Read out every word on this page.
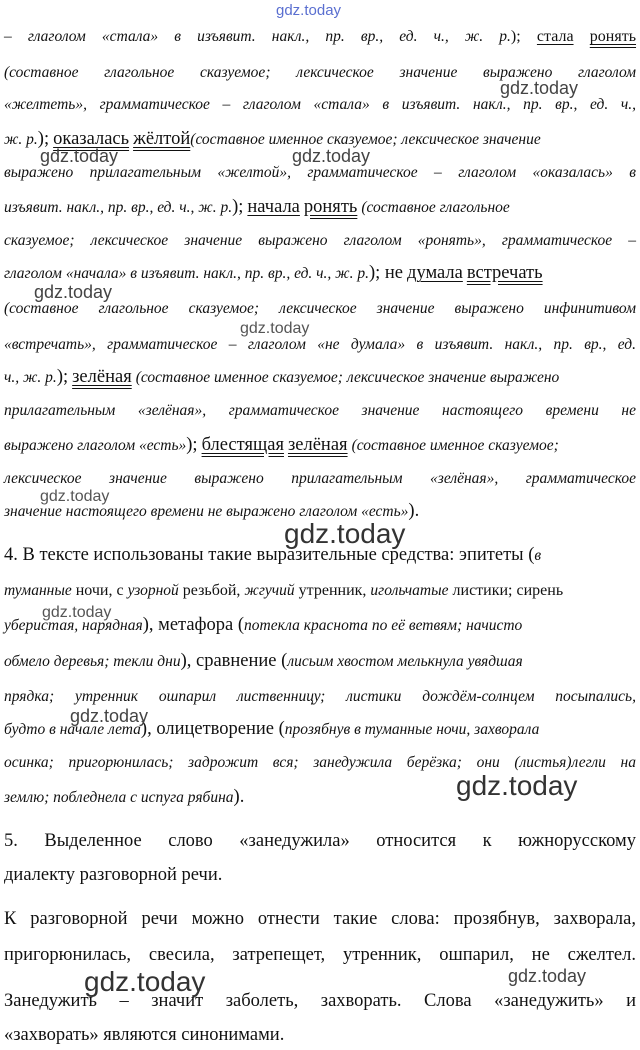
gdz.today
– глаголом «стала» в изъявит. накл., пр. вр., ед. ч., ж. р.); стала ронять
(составное глагольное сказуемое; лексическое значение выражено глаголом
«желтеть», грамматическое – глаголом «стала» в изъявит. накл., пр. вр., ед. ч.,
ж. р.); оказалась жёлтой(составное именное сказуемое; лексическое значение
выражено прилагательным «желтой», грамматическое – глаголом «оказалась» в
изъявит. накл., пр. вр., ед. ч., ж. р.); начала ронять (составное глагольное
сказуемое; лексическое значение выражено глаголом «ронять», грамматическое –
глаголом «начала» в изъявит. накл., пр. вр., ед. ч., ж. р.); не думала встречать
(составное глагольное сказуемое; лексическое значение выражено инфинитивом
«встречать», грамматическое – глаголом «не думала» в изъявит. накл., пр. вр., ед.
ч., ж. р.); зелёная (составное именное сказуемое; лексическое значение выражено
прилагательным «зелёная», грамматическое значение настоящего времени не
выражено глаголом «есть»); блестящая зелёная (составное именное сказуемое;
лексическое значение выражено прилагательным «зелёная», грамматическое
значение настоящего времени не выражено глаголом «есть»).
4. В тексте использованы такие выразительные средства: эпитеты (в
туманные ночи, с узорной резьбой, жгучий утренник, игольчатые листики; сирень
уберистая, нарядная), метафора (потекла краснота по её ветвям; начисто
обмело деревья; текли дни), сравнение (лисьим хвостом мелькнула увядшая
прядка; утренник ошпарил лиственницу; листики дождём-солнцем посыпались,
будто в начале лета), олицетворение (прозябнув в туманные ночи, захворала
осинка; пригорюнилась; задрожит вся; занедужила берёзка; они (листья)легли на
землю; побледнела с испуга рябина).
5. Выделенное слово «занедужила» относится к южнорусскому
диалекту разговорной речи.
К разговорной речи можно отнести такие слова: прозябнув, захворала,
пригорюнилась, свесила, затрепещет, утренник, ошпарил, не сжелтел.
Занедужить – значит заболеть, захворать. Слова «занедужить» и
«захворать» являются синонимами.
gdz.today
gdz.today	gdz.today
gdz.today
gdz.today
gdz.today
gdz.today
gdz.today
gdz.today
gdz.today
gdz.today	gdz.today
